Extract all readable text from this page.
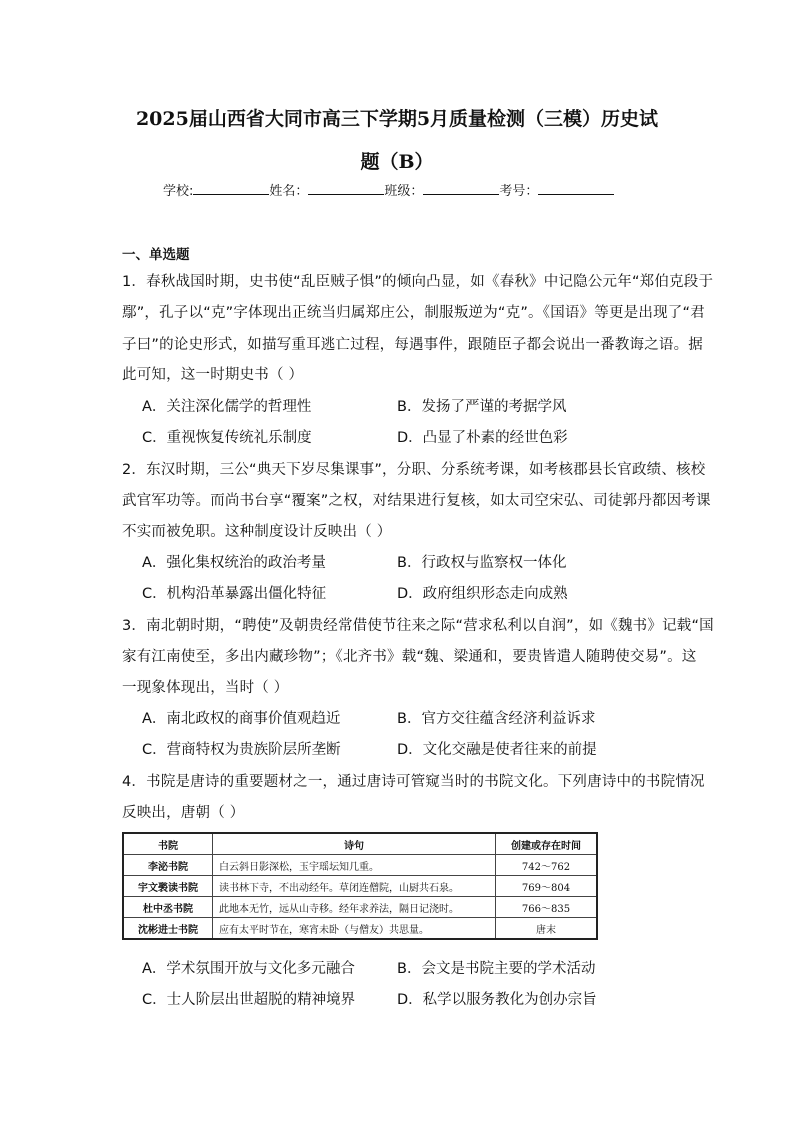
2025届山西省大同市高三下学期5月质量检测（三模）历史试
题（B）
学校:	姓名：	班级：	考号：
一、单选题
1．春秋战国时期，史书使“乱臣贼子惧”的倾向凸显，如《春秋》中记隐公元年“郑伯克段于
鄢”，孔子以“克”字体现出正统当归属郑庄公，制服叛逆为“克”。《国语》等更是出现了“君
子曰”的论史形式，如描写重耳逃亡过程，每遇事件，跟随臣子都会说出一番教诲之语。据
此可知，这一时期史书（ ）
A．关注深化儒学的哲理性	B．发扬了严谨的考据学风
C．重视恢复传统礼乐制度	D．凸显了朴素的经世色彩
2．东汉时期，三公“典天下岁尽集课事”，分职、分系统考课，如考核郡县长官政绩、核校
武官军功等。而尚书台享“覆案”之权，对结果进行复核，如太司空宋弘、司徒郭丹都因考课
不实而被免职。这种制度设计反映出（ ）
A．强化集权统治的政治考量	B．行政权与监察权一体化
C．机构沿革暴露出僵化特征	D．政府组织形态走向成熟
3．南北朝时期，“聘使”及朝贵经常借使节往来之际“营求私利以自润”，如《魏书》记载“国
家有江南使至，多出内藏珍物”；《北齐书》载“魏、梁通和，要贵皆遣人随聘使交易”。这
一现象体现出，当时（ ）
A．南北政权的商事价值观趋近	B．官方交往蕴含经济利益诉求
C．营商特权为贵族阶层所垄断	D．文化交融是使者往来的前提
4．书院是唐诗的重要题材之一，通过唐诗可管窥当时的书院文化。下列唐诗中的书院情况
反映出，唐朝（ ）
书院	诗句	创建或存在时间
李泌书院	白云斜日影深松，玉宇瑶坛知几重。	742～762
宇文褧读书院	读书林下寺，不出动经年。草闭连僧院，山厨共石泉。	769～804
杜中丞书院	此地本无竹，远从山寺移。经年求养法，隔日记浇时。	766～835
沈彬进士书院	应有太平时节在，寒宵未卧（与僧友）共思量。	唐末
A．学术氛围开放与文化多元融合	B．会文是书院主要的学术活动
C．士人阶层出世超脱的精神境界	D．私学以服务教化为创办宗旨
